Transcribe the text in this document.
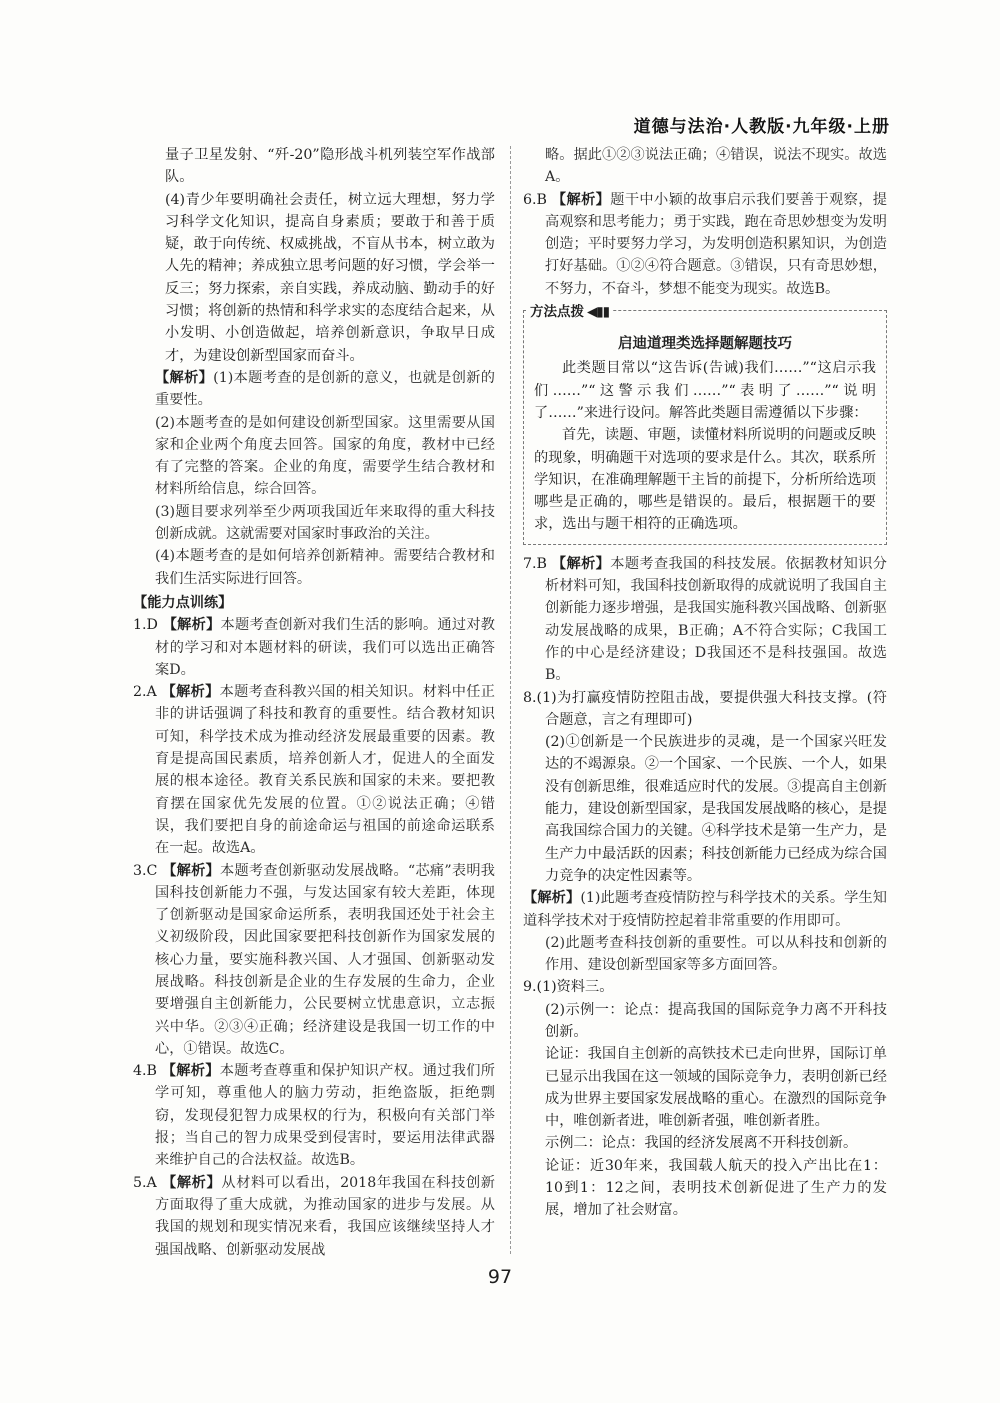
道德与法治·人教版·九年级·上册

量子卫星发射、“歼-20”隐形战斗机列装空军作战部队。

(4)青少年要明确社会责任，树立远大理想，努力学习科学文化知识，提高自身素质；要敢于和善于质疑，敢于向传统、权威挑战，不盲从书本，树立敢为人先的精神；养成独立思考问题的好习惯，学会举一反三；努力探索，亲自实践，养成动脑、勤动手的好习惯；将创新的热情和科学求实的态度结合起来，从小发明、小创造做起，培养创新意识，争取早日成才，为建设创新型国家而奋斗。

【解析】(1)本题考查的是创新的意义，也就是创新的重要性。

(2)本题考查的是如何建设创新型国家。这里需要从国家和企业两个角度去回答。国家的角度，教材中已经有了完整的答案。企业的角度，需要学生结合教材和材料所给信息，综合回答。

(3)题目要求列举至少两项我国近年来取得的重大科技创新成就。这就需要对国家时事政治的关注。

(4)本题考查的是如何培养创新精神。需要结合教材和我们生活实际进行回答。

【能力点训练】

1.D 【解析】本题考查创新对我们生活的影响。通过对教材的学习和对本题材料的研读，我们可以选出正确答案D。

2.A 【解析】本题考查科教兴国的相关知识。材料中任正非的讲话强调了科技和教育的重要性。结合教材知识可知，科学技术成为推动经济发展最重要的因素。教育是提高国民素质，培养创新人才，促进人的全面发展的根本途径。教育关系民族和国家的未来。要把教育摆在国家优先发展的位置。①②说法正确；④错误，我们要把自身的前途命运与祖国的前途命运联系在一起。故选A。

3.C 【解析】本题考查创新驱动发展战略。“芯痛”表明我国科技创新能力不强，与发达国家有较大差距，体现了创新驱动是国家命运所系，表明我国还处于社会主义初级阶段，因此国家要把科技创新作为国家发展的核心力量，要实施科教兴国、人才强国、创新驱动发展战略。科技创新是企业的生存发展的生命力，企业要增强自主创新能力，公民要树立忧患意识，立志振兴中华。②③④正确；经济建设是我国一切工作的中心，①错误。故选C。

4.B 【解析】本题考查尊重和保护知识产权。通过我们所学可知，尊重他人的脑力劳动，拒绝盗版，拒绝剽窃，发现侵犯智力成果权的行为，积极向有关部门举报；当自己的智力成果受到侵害时，要运用法律武器来维护自己的合法权益。故选B。

5.A 【解析】从材料可以看出，2018年我国在科技创新方面取得了重大成就，为推动国家的进步与发展。从我国的规划和现实情况来看，我国应该继续坚持人才强国战略、创新驱动发展战

略。据此①②③说法正确；④错误，说法不现实。故选A。

6.B 【解析】题干中小颖的故事启示我们要善于观察，提高观察和思考能力；勇于实践，跑在奇思妙想变为发明创造；平时要努力学习，为发明创造积累知识，为创造打好基础。①②④符合题意。③错误，只有奇思妙想，不努力，不奋斗，梦想不能变为现实。故选B。

方法点拨 ◀▮▮
启迪道理类选择题解题技巧

此类题目常以“这告诉(告诫)我们……”“这启示我们……”“这警示我们……”“表明了……”“说明了……”来进行设问。解答此类题目需遵循以下步骤：

首先，读题、审题，读懂材料所说明的问题或反映的现象，明确题干对选项的要求是什么。其次，联系所学知识，在准确理解题干主旨的前提下，分析所给选项哪些是正确的，哪些是错误的。最后，根据题干的要求，选出与题干相符的正确选项。

7.B 【解析】本题考查我国的科技发展。依据教材知识分析材料可知，我国科技创新取得的成就说明了我国自主创新能力逐步增强，是我国实施科教兴国战略、创新驱动发展战略的成果，B正确；A不符合实际；C我国工作的中心是经济建设；D我国还不是科技强国。故选B。

8.(1)为打赢疫情防控阻击战，要提供强大科技支撑。(符合题意，言之有理即可)

(2)①创新是一个民族进步的灵魂，是一个国家兴旺发达的不竭源泉。②一个国家、一个民族、一个人，如果没有创新思维，很难适应时代的发展。③提高自主创新能力，建设创新型国家，是我国发展战略的核心，是提高我国综合国力的关键。④科学技术是第一生产力，是生产力中最活跃的因素；科技创新能力已经成为综合国力竞争的决定性因素等。

【解析】(1)此题考查疫情防控与科学技术的关系。学生知道科学技术对于疫情防控起着非常重要的作用即可。

(2)此题考查科技创新的重要性。可以从科技和创新的作用、建设创新型国家等多方面回答。

9.(1)资料三。

(2)示例一：论点：提高我国的国际竞争力离不开科技创新。

论证：我国自主创新的高铁技术已走向世界，国际订单已显示出我国在这一领域的国际竞争力，表明创新已经成为世界主要国家发展战略的重心。在激烈的国际竞争中，唯创新者进，唯创新者强，唯创新者胜。

示例二：论点：我国的经济发展离不开科技创新。

论证：近30年来，我国载人航天的投入产出比在1：10到1：12之间，表明技术创新促进了生产力的发展，增加了社会财富。

97
